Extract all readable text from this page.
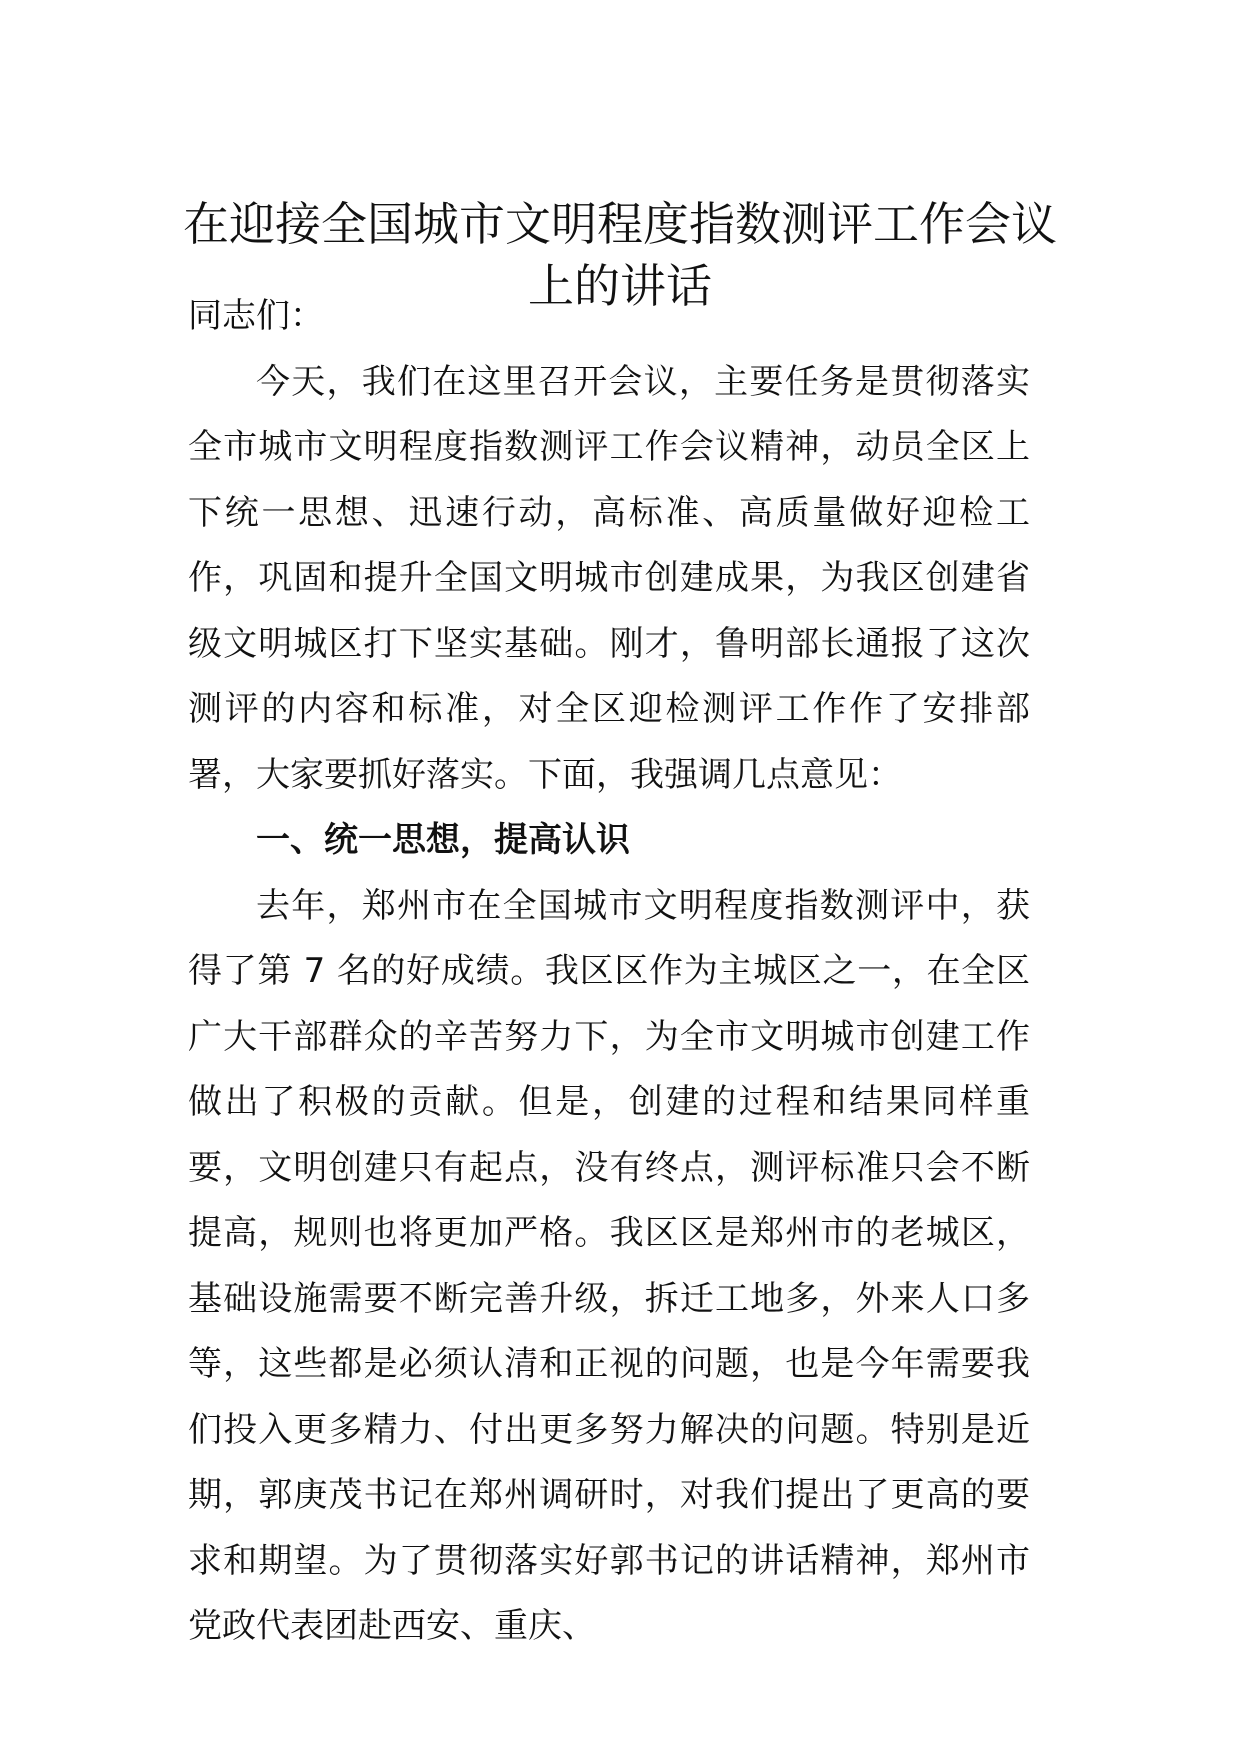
在迎接全国城市文明程度指数测评工作会议
上的讲话

同志们：

今天，我们在这里召开会议，主要任务是贯彻落实全市城市文明程度指数测评工作会议精神，动员全区上下统一思想、迅速行动，高标准、高质量做好迎检工作，巩固和提升全国文明城市创建成果，为我区创建省级文明城区打下坚实基础。刚才，鲁明部长通报了这次测评的内容和标准，对全区迎检测评工作作了安排部署，大家要抓好落实。下面，我强调几点意见：

一、统一思想，提高认识

去年，郑州市在全国城市文明程度指数测评中，获得了第 7 名的好成绩。我区区作为主城区之一，在全区广大干部群众的辛苦努力下，为全市文明城市创建工作做出了积极的贡献。但是，创建的过程和结果同样重要，文明创建只有起点，没有终点，测评标准只会不断提高，规则也将更加严格。我区区是郑州市的老城区，基础设施需要不断完善升级，拆迁工地多，外来人口多等，这些都是必须认清和正视的问题，也是今年需要我们投入更多精力、付出更多努力解决的问题。特别是近期，郭庚茂书记在郑州调研时，对我们提出了更高的要求和期望。为了贯彻落实好郭书记的讲话精神，郑州市党政代表团赴西安、重庆、
